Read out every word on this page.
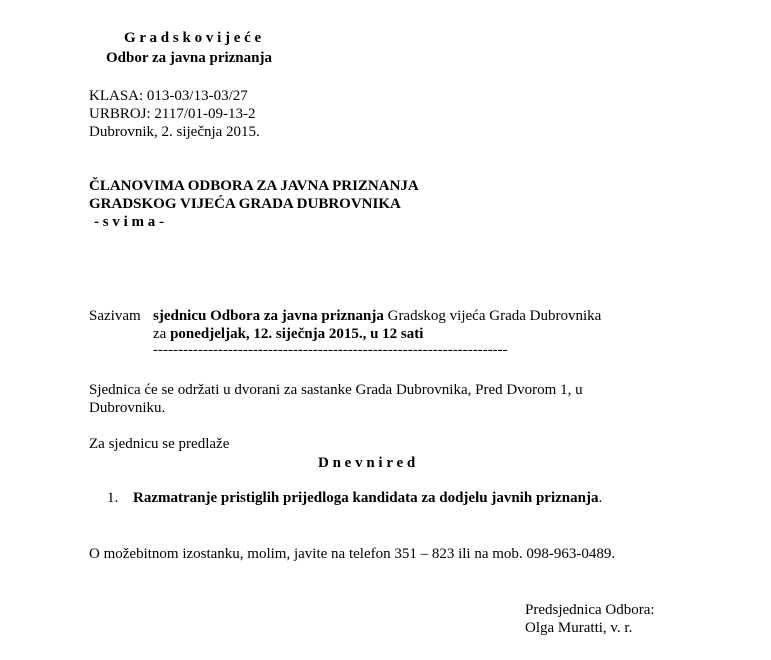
G r a d s k o v i j e ć e
Odbor za javna priznanja
KLASA: 013-03/13-03/27
URBROJ: 2117/01-09-13-2
Dubrovnik, 2. siječnja 2015.
ČLANOVIMA ODBORA ZA JAVNA PRIZNANJA
GRADSKOG VIJEĆA GRADA DUBROVNIKA
- s v i m a -
Sazivam sjednicu Odbora za javna priznanja Gradskog vijeća Grada Dubrovnika
za ponedjeljak, 12. siječnja 2015., u 12 sati
-----------------------------------------------------------------------
Sjednica će se održati u dvorani za sastanke Grada Dubrovnika, Pred Dvorom 1, u
Dubrovniku.
Za sjednicu se predlaže
D n e v n i r e d
1. Razmatranje pristiglih prijedloga kandidata za dodjelu javnih priznanja.
O možebitnom izostanku, molim, javite na telefon 351 – 823 ili na mob. 098-963-0489.
Predsjednica Odbora:
Olga Muratti, v. r.
